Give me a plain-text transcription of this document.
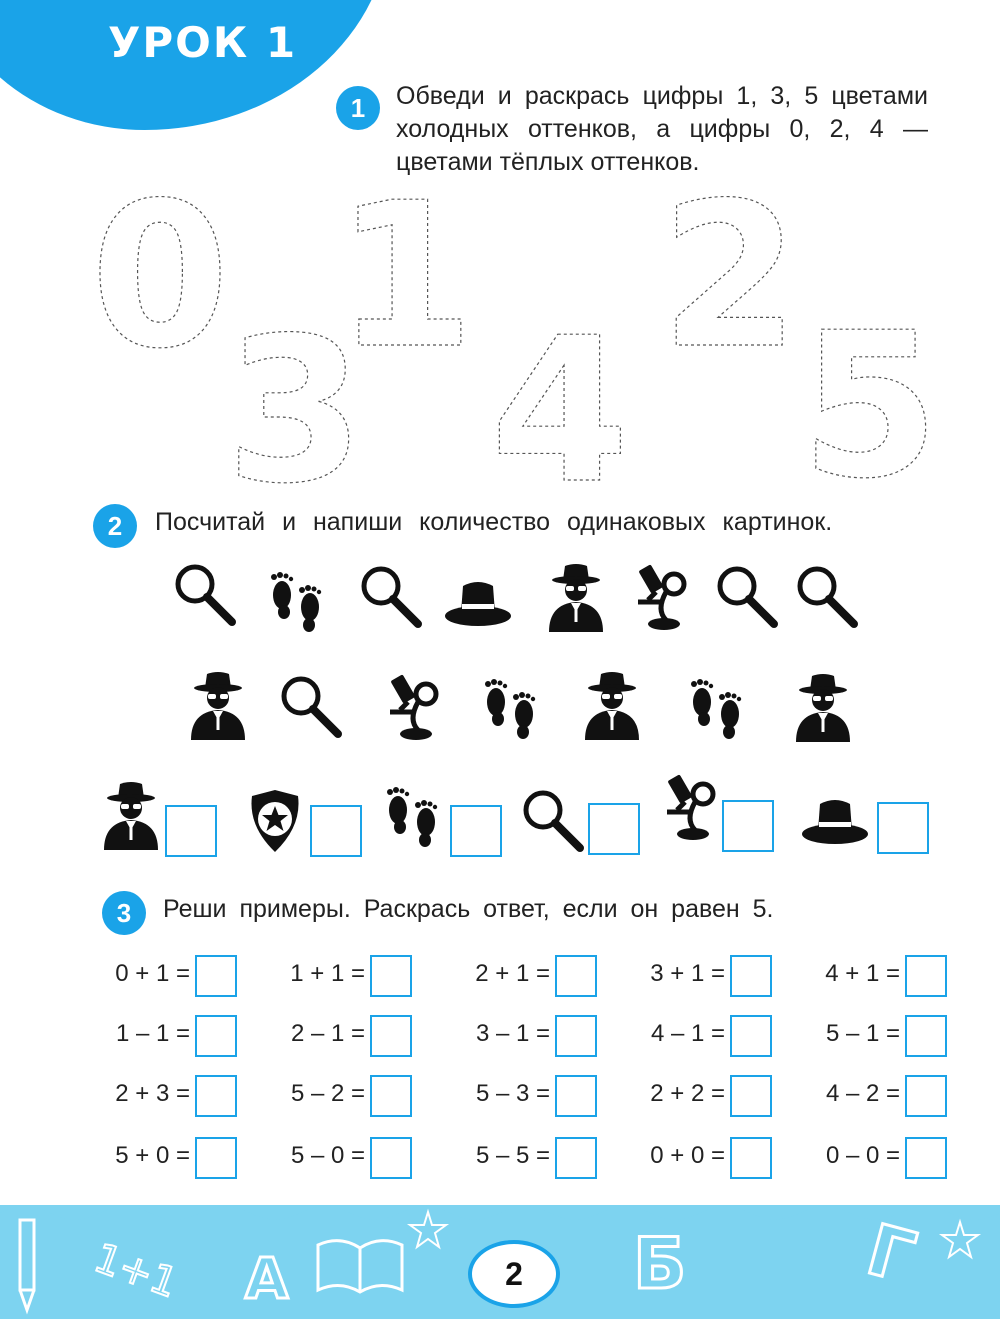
УРОК 1
1	Обведи и раскрась цифры 1, 3, 5 цветами холодных оттенков, а цифры 0, 2, 4 — цветами тёплых оттенков.
0 1 2
3 4 5
2	Посчитай и напиши количество одинаковых картинок.
3	Реши примеры. Раскрась ответ, если он равен 5.
0 + 1 =	1 + 1 =	2 + 1 =	3 + 1 =	4 + 1 =
1 – 1 =	2 – 1 =	3 – 1 =	4 – 1 =	5 – 1 =
2 + 3 =	5 – 2 =	5 – 3 =	2 + 2 =	4 – 2 =
5 + 0 =	5 – 0 =	5 – 5 =	0 + 0 =	0 – 0 =
1+1 А	2	Б Г
